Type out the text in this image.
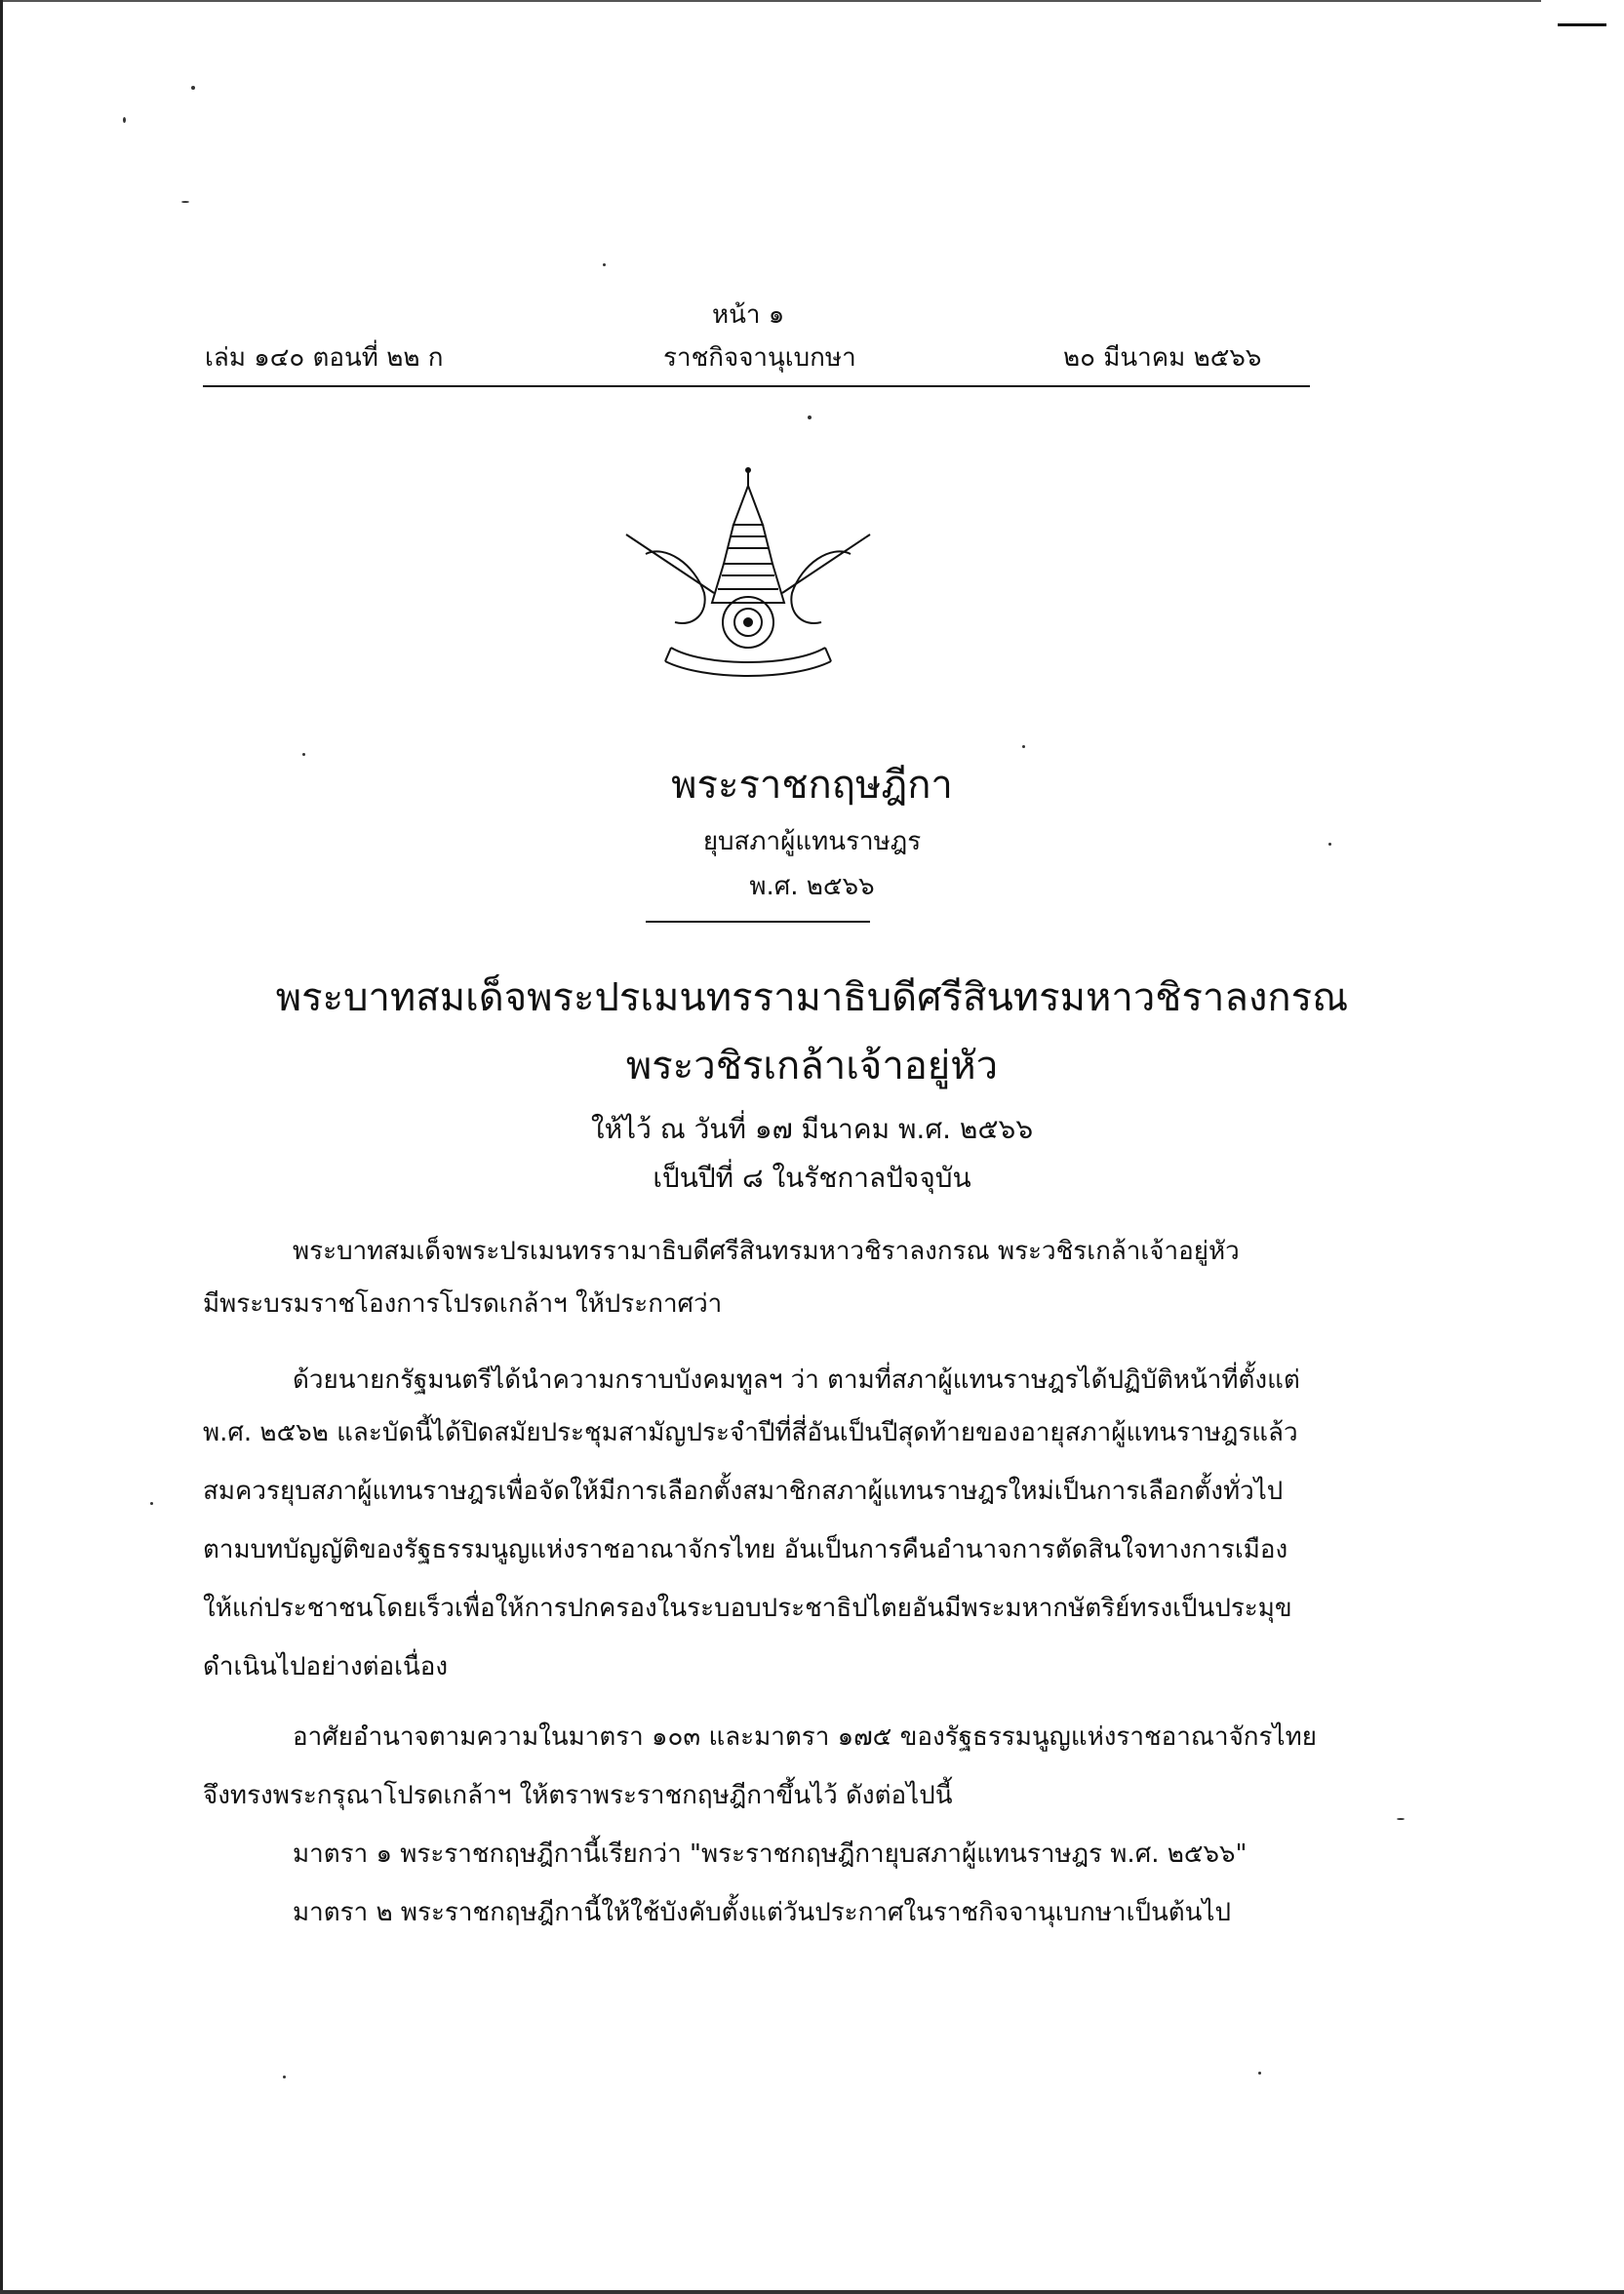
หน้า ๑
เล่ม ๑๔๐ ตอนที่ ๒๒ ก	ราชกิจจานุเบกษา	๒๐ มีนาคม ๒๕๖๖
พระราชกฤษฎีกา
ยุบสภาผู้แทนราษฎร
พ.ศ. ๒๕๖๖
พระบาทสมเด็จพระปรเมนทรรามาธิบดีศรีสินทรมหาวชิราลงกรณ
พระวชิรเกล้าเจ้าอยู่หัว
ให้ไว้ ณ วันที่ ๑๗ มีนาคม พ.ศ. ๒๕๖๖
เป็นปีที่ ๘ ในรัชกาลปัจจุบัน
พระบาทสมเด็จพระปรเมนทรรามาธิบดีศรีสินทรมหาวชิราลงกรณ พระวชิรเกล้าเจ้าอยู่หัว
มีพระบรมราชโองการโปรดเกล้าฯ ให้ประกาศว่า
ด้วยนายกรัฐมนตรีได้นำความกราบบังคมทูลฯ ว่า ตามที่สภาผู้แทนราษฎรได้ปฏิบัติหน้าที่ตั้งแต่
พ.ศ. ๒๕๖๒ และบัดนี้ได้ปิดสมัยประชุมสามัญประจำปีที่สี่อันเป็นปีสุดท้ายของอายุสภาผู้แทนราษฎรแล้ว
สมควรยุบสภาผู้แทนราษฎรเพื่อจัดให้มีการเลือกตั้งสมาชิกสภาผู้แทนราษฎรใหม่เป็นการเลือกตั้งทั่วไป
ตามบทบัญญัติของรัฐธรรมนูญแห่งราชอาณาจักรไทย อันเป็นการคืนอำนาจการตัดสินใจทางการเมือง
ให้แก่ประชาชนโดยเร็วเพื่อให้การปกครองในระบอบประชาธิปไตยอันมีพระมหากษัตริย์ทรงเป็นประมุข
ดำเนินไปอย่างต่อเนื่อง
อาศัยอำนาจตามความในมาตรา ๑๐๓ และมาตรา ๑๗๕ ของรัฐธรรมนูญแห่งราชอาณาจักรไทย
จึงทรงพระกรุณาโปรดเกล้าฯ ให้ตราพระราชกฤษฎีกาขึ้นไว้ ดังต่อไปนี้
มาตรา ๑ พระราชกฤษฎีกานี้เรียกว่า "พระราชกฤษฎีกายุบสภาผู้แทนราษฎร พ.ศ. ๒๕๖๖"
มาตรา ๒ พระราชกฤษฎีกานี้ให้ใช้บังคับตั้งแต่วันประกาศในราชกิจจานุเบกษาเป็นต้นไป
